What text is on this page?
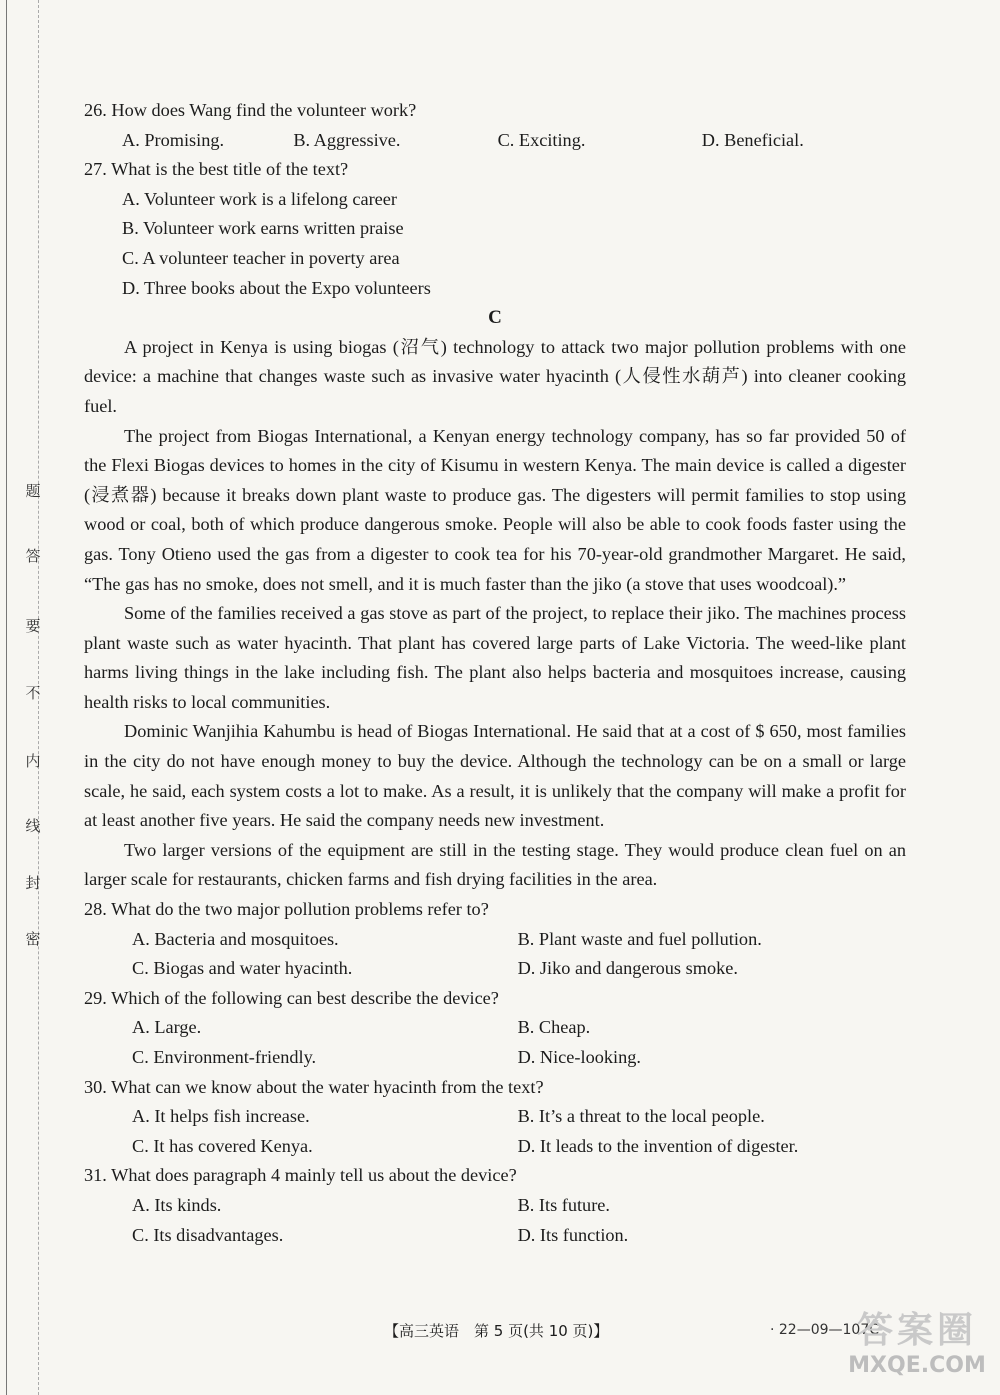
题
答
要
不
内
线
封
密

26. How does Wang find the volunteer work?

A. Promising.	B. Aggressive.	C. Exciting.	D. Beneficial.

27. What is the best title of the text?

A. Volunteer work is a lifelong career

B. Volunteer work earns written praise

C. A volunteer teacher in poverty area

D. Three books about the Expo volunteers

C

A project in Kenya is using biogas (沼气) technology to attack two major pollution problems with one device: a machine that changes waste such as invasive water hyacinth (人侵性水葫芦) into cleaner cooking fuel.

The project from Biogas International, a Kenyan energy technology company, has so far provided 50 of the Flexi Biogas devices to homes in the city of Kisumu in western Kenya. The main device is called a digester (浸煮器) because it breaks down plant waste to produce gas. The digesters will permit families to stop using wood or coal, both of which produce dangerous smoke. People will also be able to cook foods faster using the gas. Tony Otieno used the gas from a digester to cook tea for his 70-year-old grandmother Margaret. He said, “The gas has no smoke, does not smell, and it is much faster than the jiko (a stove that uses woodcoal).”

Some of the families received a gas stove as part of the project, to replace their jiko. The machines process plant waste such as water hyacinth. That plant has covered large parts of Lake Victoria. The weed-like plant harms living things in the lake including fish. The plant also helps bacteria and mosquitoes increase, causing health risks to local communities.

Dominic Wanjihia Kahumbu is head of Biogas International. He said that at a cost of $ 650, most families in the city do not have enough money to buy the device. Although the technology can be on a small or large scale, he said, each system costs a lot to make. As a result, it is unlikely that the company will make a profit for at least another five years. He said the company needs new investment.

Two larger versions of the equipment are still in the testing stage. They would produce clean fuel on an larger scale for restaurants, chicken farms and fish drying facilities in the area.

28. What do the two major pollution problems refer to?

A. Bacteria and mosquitoes.	B. Plant waste and fuel pollution.
C. Biogas and water hyacinth.	D. Jiko and dangerous smoke.

29. Which of the following can best describe the device?

A. Large.	B. Cheap.
C. Environment-friendly.	D. Nice-looking.

30. What can we know about the water hyacinth from the text?

A. It helps fish increase.	B. It’s a threat to the local people.
C. It has covered Kenya.	D. It leads to the invention of digester.

31. What does paragraph 4 mainly tell us about the device?

A. Its kinds.	B. Its future.
C. Its disadvantages.	D. Its function.
【高三英语　第 5 页(共 10 页)】	· 22—09—107C ·
答案圈
MXQE.COM
